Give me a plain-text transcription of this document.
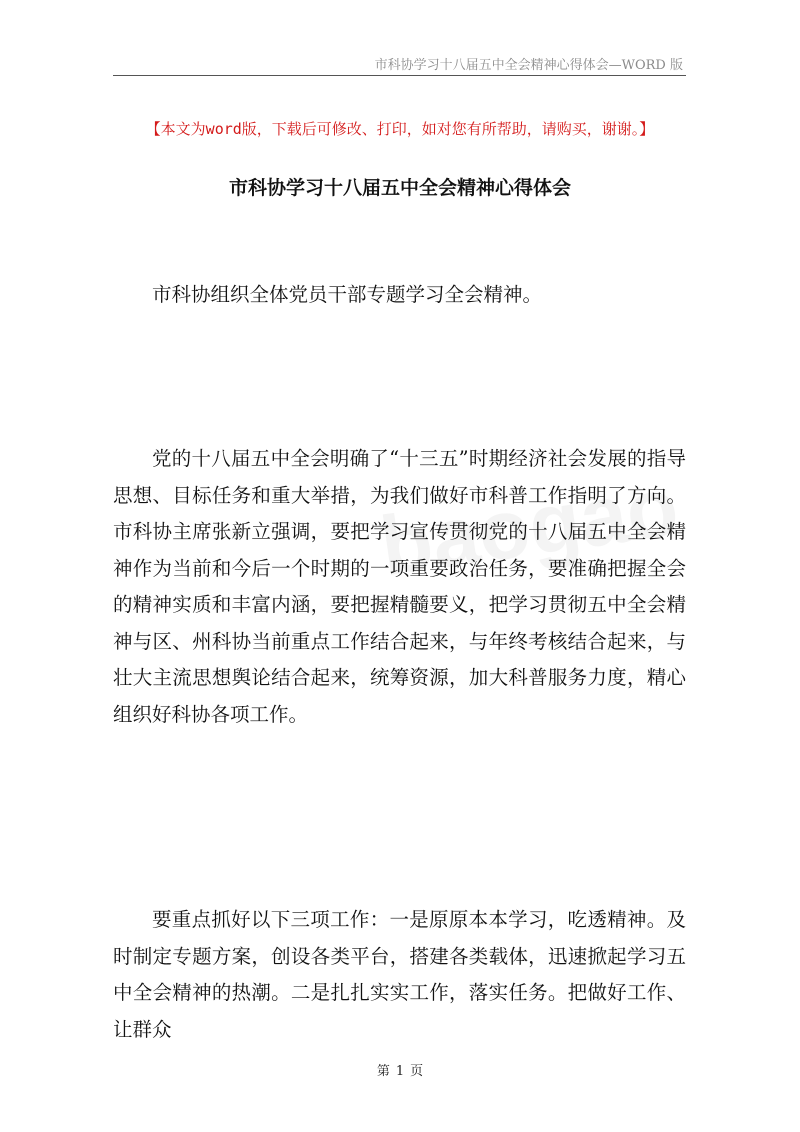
市科协学习十八届五中全会精神心得体会—WORD 版
【本文为word版，下载后可修改、打印，如对您有所帮助，请购买，谢谢。】
市科协学习十八届五中全会精神心得体会

市科协组织全体党员干部专题学习全会精神。

党的十八届五中全会明确了“十三五”时期经济社会发展的指导思想、目标任务和重大举措，为我们做好市科普工作指明了方向。市科协主席张新立强调，要把学习宣传贯彻党的十八届五中全会精神作为当前和今后一个时期的一项重要政治任务，要准确把握全会的精神实质和丰富内涵，要把握精髓要义，把学习贯彻五中全会精神与区、州科协当前重点工作结合起来，与年终考核结合起来，与壮大主流思想舆论结合起来，统筹资源，加大科普服务力度，精心组织好科协各项工作。

要重点抓好以下三项工作：一是原原本本学习，吃透精神。及时制定专题方案，创设各类平台，搭建各类载体，迅速掀起学习五中全会精神的热潮。二是扎扎实实工作，落实任务。把做好工作、让群众

第 1 页
